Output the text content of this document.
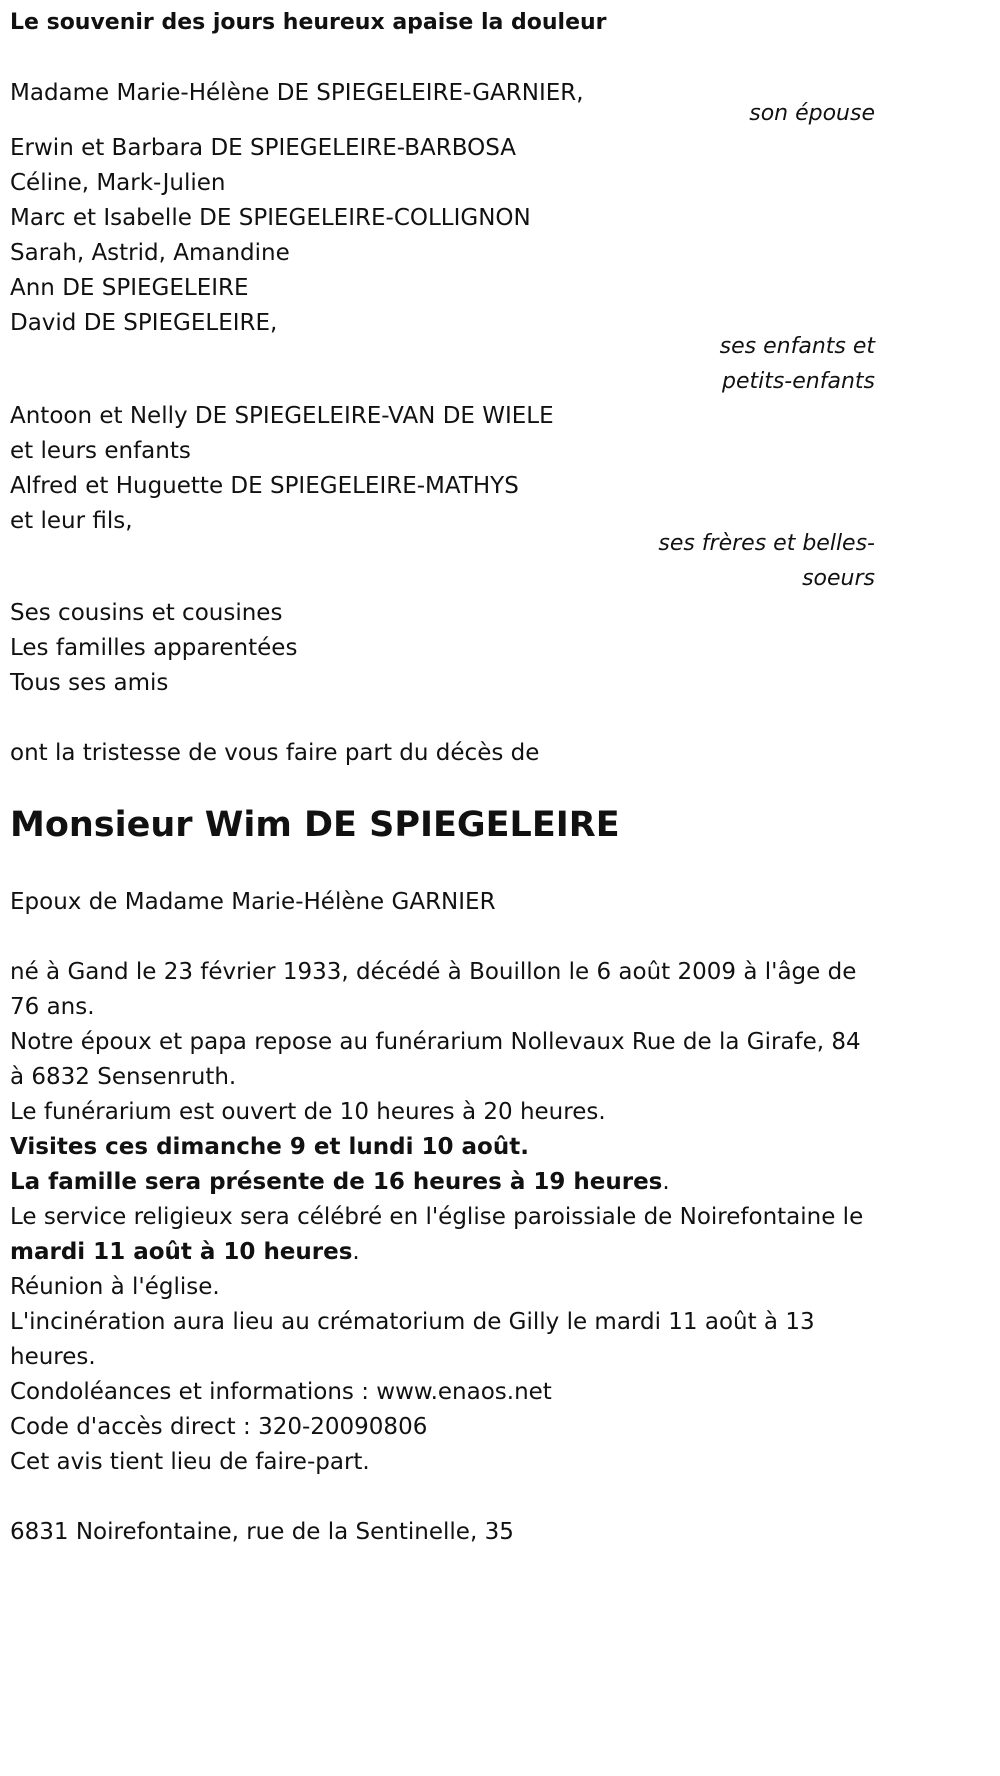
Le souvenir des jours heureux apaise la douleur
Madame Marie-Hélène DE SPIEGELEIRE-GARNIER,
son épouse
Erwin et Barbara DE SPIEGELEIRE-BARBOSA
Céline, Mark-Julien
Marc et Isabelle DE SPIEGELEIRE-COLLIGNON
Sarah, Astrid, Amandine
Ann DE SPIEGELEIRE
David DE SPIEGELEIRE,
ses enfants et
petits-enfants
Antoon et Nelly DE SPIEGELEIRE-VAN DE WIELE
et leurs enfants
Alfred et Huguette DE SPIEGELEIRE-MATHYS
et leur fils,
ses frères et belles-
soeurs
Ses cousins et cousines
Les familles apparentées
Tous ses amis
ont la tristesse de vous faire part du décès de
Monsieur Wim DE SPIEGELEIRE
Epoux de Madame Marie-Hélène GARNIER
né à Gand le 23 février 1933, décédé à Bouillon le 6 août 2009 à l'âge de 76 ans.
Notre époux et papa repose au funérarium Nollevaux Rue de la Girafe, 84 à 6832 Sensenruth.
Le funérarium est ouvert de 10 heures à 20 heures.
Visites ces dimanche 9 et lundi 10 août.
La famille sera présente de 16 heures à 19 heures.
Le service religieux sera célébré en l'église paroissiale de Noirefontaine le
mardi 11 août à 10 heures.
Réunion à l'église.
L'incinération aura lieu au crématorium de Gilly le mardi 11 août à 13 heures.
Condoléances et informations : www.enaos.net
Code d'accès direct : 320-20090806
Cet avis tient lieu de faire-part.
6831 Noirefontaine, rue de la Sentinelle, 35
